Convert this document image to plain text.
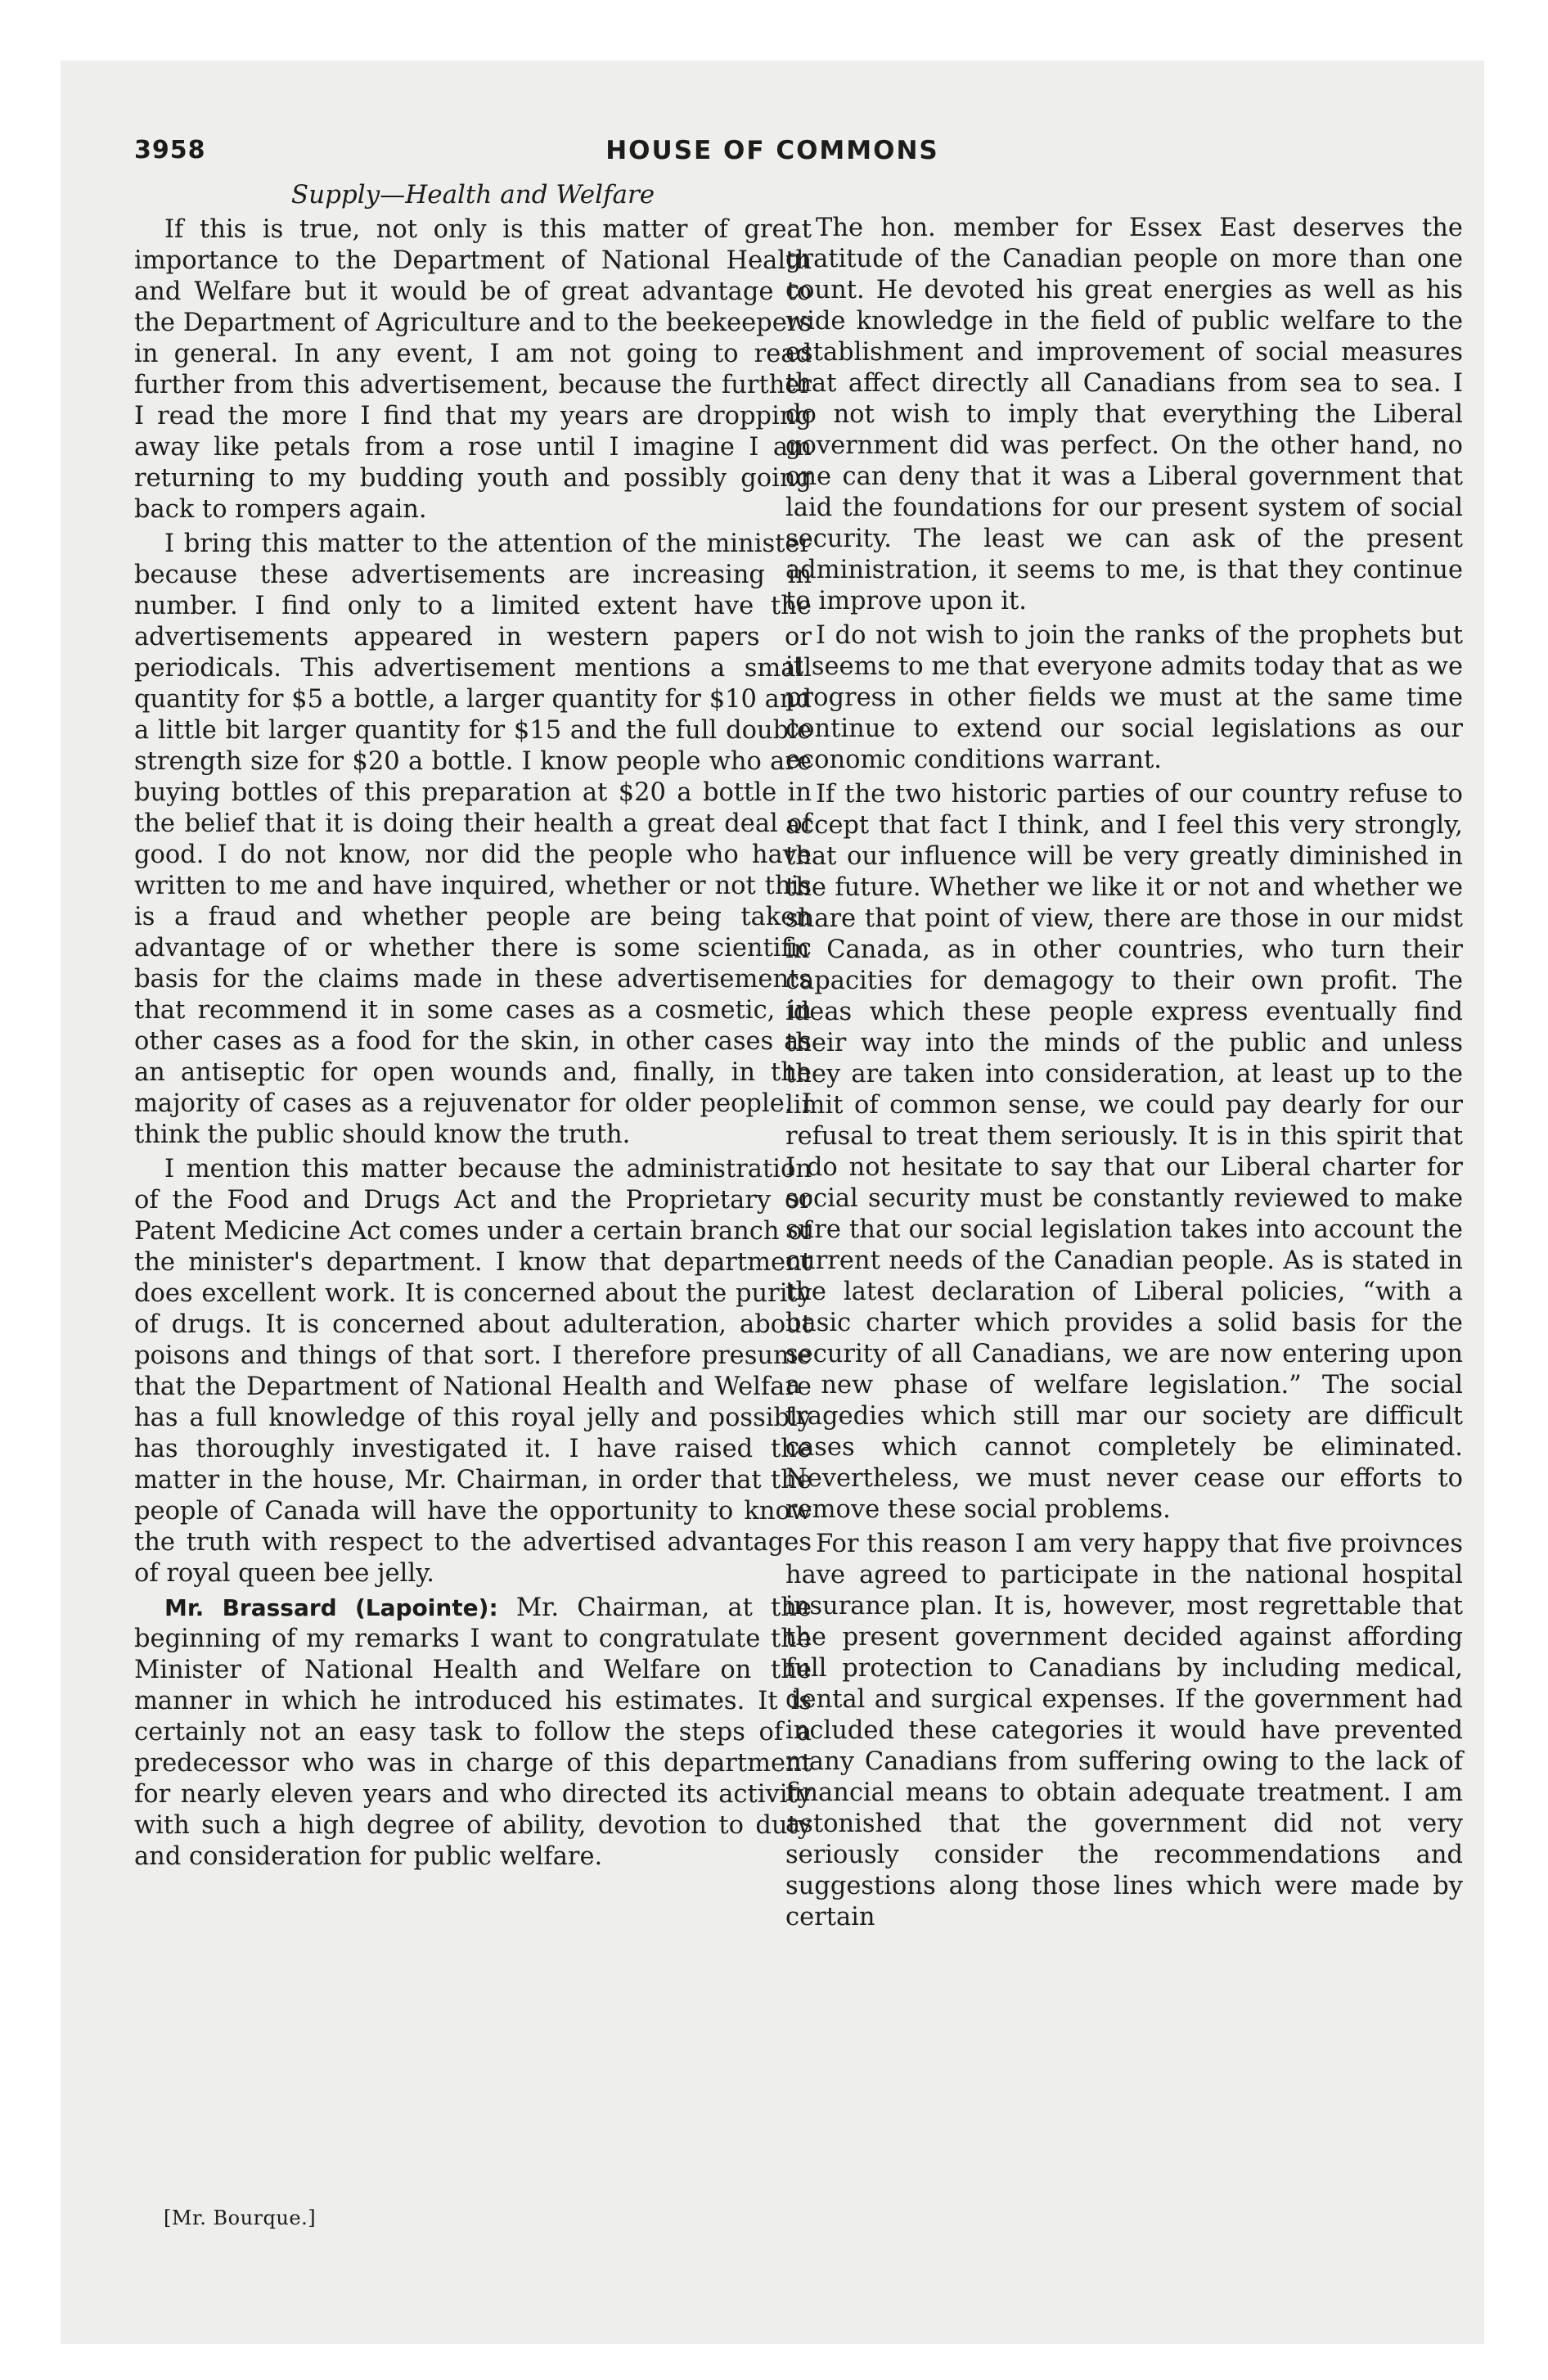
3958	HOUSE OF COMMONS
Supply—Health and Welfare

If this is true, not only is this matter of great importance to the Department of National Health and Welfare but it would be of great advantage to the Department of Agriculture and to the beekeepers in general. In any event, I am not going to read further from this advertisement, because the further I read the more I find that my years are dropping away like petals from a rose until I imagine I am returning to my budding youth and possibly going back to rompers again.

I bring this matter to the attention of the minister because these advertisements are increasing in number. I find only to a limited extent have the advertisements appeared in western papers or periodicals. This advertisement mentions a small quantity for $5 a bottle, a larger quantity for $10 and a little bit larger quantity for $15 and the full double strength size for $20 a bottle. I know people who are buying bottles of this preparation at $20 a bottle in the belief that it is doing their health a great deal of good. I do not know, nor did the people who have written to me and have inquired, whether or not this is a fraud and whether people are being taken advantage of or whether there is some scientific basis for the claims made in these advertisements that recommend it in some cases as a cosmetic, in other cases as a food for the skin, in other cases as an antiseptic for open wounds and, finally, in the majority of cases as a rejuvenator for older people. I think the public should know the truth.

I mention this matter because the administration of the Food and Drugs Act and the Proprietary or Patent Medicine Act comes under a certain branch of the minister's department. I know that department does excellent work. It is concerned about the purity of drugs. It is concerned about adulteration, about poisons and things of that sort. I therefore presume that the Department of National Health and Welfare has a full knowledge of this royal jelly and possibly has thoroughly investigated it. I have raised the matter in the house, Mr. Chairman, in order that the people of Canada will have the opportunity to know the truth with respect to the advertised advantages of royal queen bee jelly.

Mr. Brassard (Lapointe): Mr. Chairman, at the beginning of my remarks I want to congratulate the Minister of National Health and Welfare on the manner in which he introduced his estimates. It is certainly not an easy task to follow the steps of a predecessor who was in charge of this department for nearly eleven years and who directed its activity with such a high degree of ability, devotion to duty and consideration for public welfare.

The hon. member for Essex East deserves the gratitude of the Canadian people on more than one count. He devoted his great energies as well as his wide knowledge in the field of public welfare to the establishment and improvement of social measures that affect directly all Canadians from sea to sea. I do not wish to imply that everything the Liberal government did was perfect. On the other hand, no one can deny that it was a Liberal government that laid the foundations for our present system of social security. The least we can ask of the present administration, it seems to me, is that they continue to improve upon it.

I do not wish to join the ranks of the prophets but it seems to me that everyone admits today that as we progress in other fields we must at the same time continue to extend our social legislations as our economic conditions warrant.

If the two historic parties of our country refuse to accept that fact I think, and I feel this very strongly, that our influence will be very greatly diminished in the future. Whether we like it or not and whether we share that point of view, there are those in our midst in Canada, as in other countries, who turn their capacities for demagogy to their own profit. The ideas which these people express eventually find their way into the minds of the public and unless they are taken into consideration, at least up to the limit of common sense, we could pay dearly for our refusal to treat them seriously. It is in this spirit that I do not hesitate to say that our Liberal charter for social security must be constantly reviewed to make sure that our social legislation takes into account the current needs of the Canadian people. As is stated in the latest declaration of Liberal policies, “with a basic charter which provides a solid basis for the security of all Canadians, we are now entering upon a new phase of welfare legislation.” The social tragedies which still mar our society are difficult cases which cannot completely be eliminated. Nevertheless, we must never cease our efforts to remove these social problems.

For this reason I am very happy that five proivnces have agreed to participate in the national hospital insurance plan. It is, however, most regrettable that the present government decided against affording full protection to Canadians by including medical, dental and surgical expenses. If the government had included these categories it would have prevented many Canadians from suffering owing to the lack of financial means to obtain adequate treatment. I am astonished that the government did not very seriously consider the recommendations and suggestions along those lines which were made by certain

[Mr. Bourque.]
